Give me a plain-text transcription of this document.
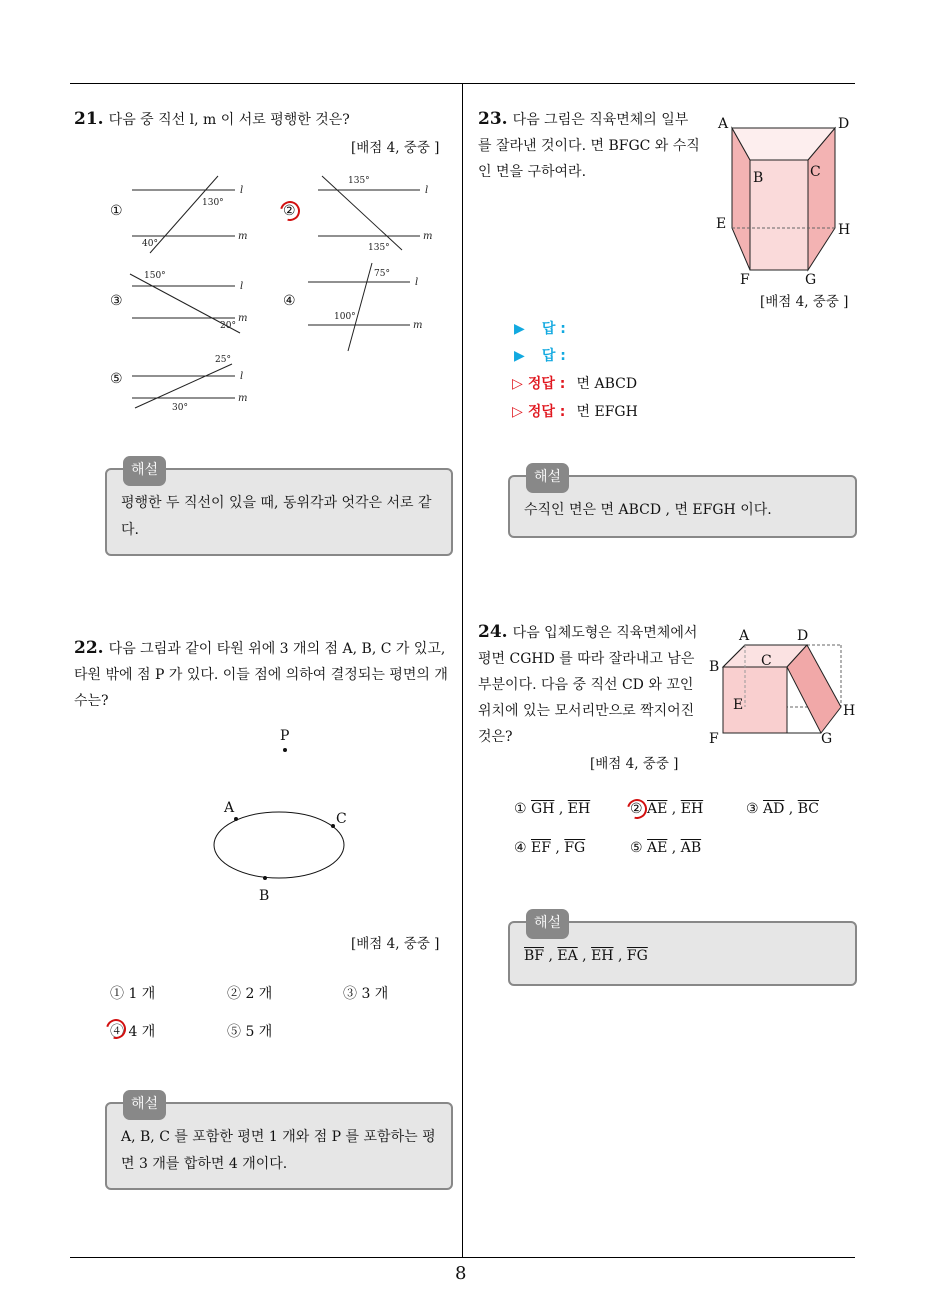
8
21. 다음 중 직선 l, m 이 서로 평행한 것은?
[배점 4, 중중 ]
①	②
③	④
⑤
130°
40°
135°
135°
150°
20°
75°
100°
25°
30°
l
m
l
m
l
m
l
m
l
m
해설
평행한 두 직선이 있을 때, 동위각과 엇각은 서로 같다.
22. 다음 그림과 같이 타원 위에 3 개의 점 A, B, C 가 있고, 타원 밖에 점 P 가 있다. 이들 점에 의하여 결정되는 평면의 개수는?
P
A
C
B
[배점 4, 중중 ]
① 1 개	② 2 개	③ 3 개
④ 4 개	⑤ 5 개
해설
A, B, C 를 포함한 평면 1 개와 점 P 를 포함하는 평면 3 개를 합하면 4 개이다.
23. 다음 그림은 직육면체의 일부를 잘라낸 것이다. 면 BFGC 와 수직인 면을 구하여라.
A	D
B	C
E	H
F	G
[배점 4, 중중 ]
▶ 답 :
▶ 답 :
▷ 정답 : 면 ABCD
▷ 정답 : 면 EFGH
해설
수직인 면은 면 ABCD , 면 EFGH 이다.
24. 다음 입체도형은 직육면체에서 평면 CGHD 를 따라 잘라내고 남은 부분이다. 다음 중 직선 CD 와 꼬인 위치에 있는 모서리만으로 짝지어진 것은?
[배점 4, 중중 ]
A	D
B	C
E	H
F	G
① $\overline{GH}$ , $\overline{EH}$	② $\overline{AE}$ , $\overline{EH}$	③ $\overline{AD}$ , $\overline{BC}$
④ $\overline{EF}$ , $\overline{FG}$	⑤ $\overline{AE}$ , $\overline{AB}$
해설
$\overline{BF}$ , $\overline{EA}$ , $\overline{EH}$ , $\overline{FG}$
